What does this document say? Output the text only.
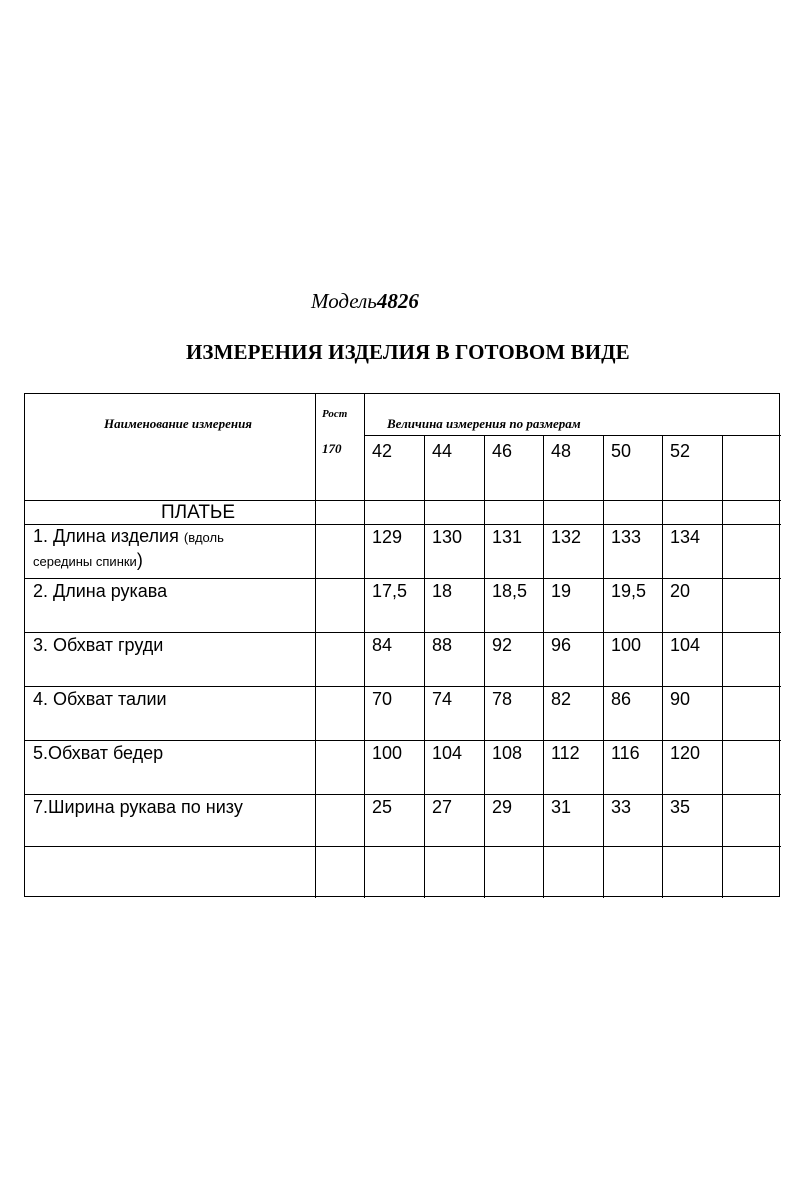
Модель4826
ИЗМЕРЕНИЯ ИЗДЕЛИЯ В ГОТОВОМ ВИДЕ
Наименование измерения
Рост
170
Величина измерения по размерам
42 44 46 48 50 52
ПЛАТЬЕ
1. Длина изделия (вдоль
середины спинки)
129 130 131 132 133 134
2. Длина рукава	17,5 18 18,5 19 19,5 20
3. Обхват груди	84 88 92 96 100 104
4. Обхват талии	70 74 78 82 86 90
5.Обхват бедер	100 104 108 112 116 120
7.Ширина рукава по низу	25 27 29 31 33 35
